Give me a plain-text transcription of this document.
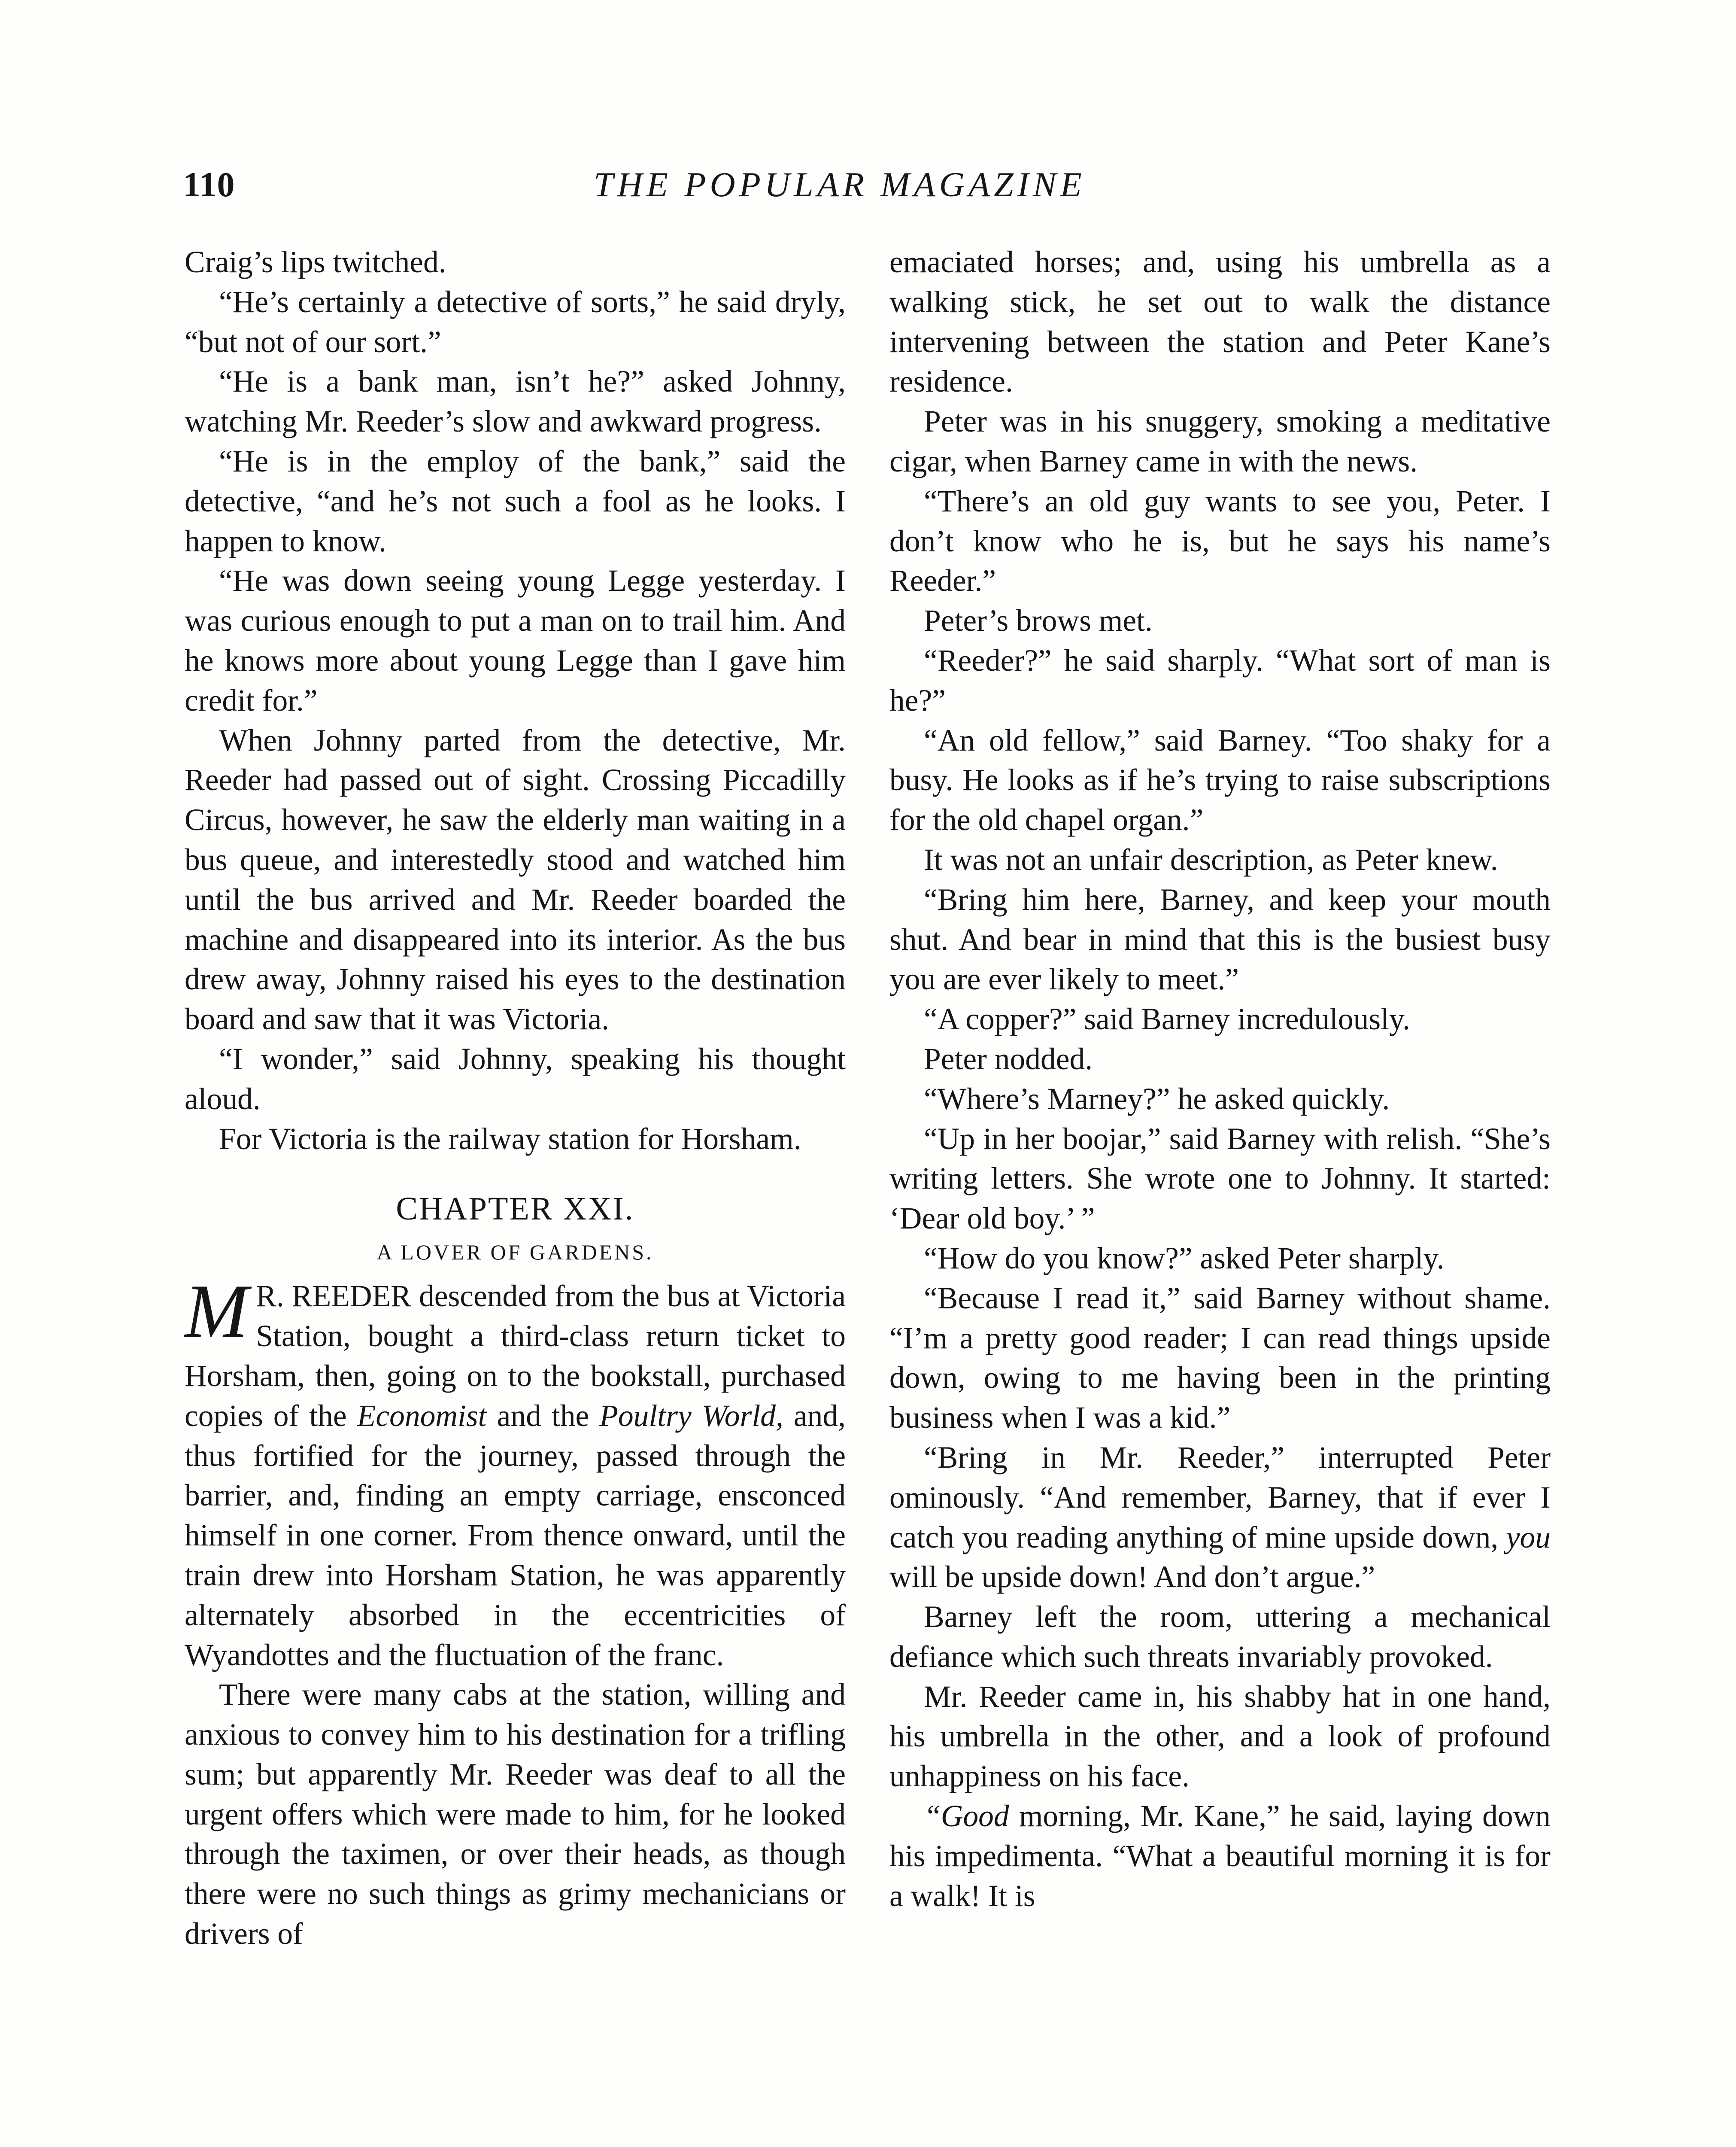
110	THE POPULAR MAGAZINE

Craig’s lips twitched.

“He’s certainly a detective of sorts,” he said dryly, “but not of our sort.”

“He is a bank man, isn’t he?” asked Johnny, watching Mr. Reeder’s slow and awkward progress.

“He is in the employ of the bank,” said the detective, “and he’s not such a fool as he looks. I happen to know.

“He was down seeing young Legge yesterday. I was curious enough to put a man on to trail him. And he knows more about young Legge than I gave him credit for.”

When Johnny parted from the detective, Mr. Reeder had passed out of sight. Crossing Piccadilly Circus, however, he saw the elderly man waiting in a bus queue, and interestedly stood and watched him until the bus arrived and Mr. Reeder boarded the machine and disappeared into its interior. As the bus drew away, Johnny raised his eyes to the destination board and saw that it was Victoria.

“I wonder,” said Johnny, speaking his thought aloud.

For Victoria is the railway station for Horsham.

CHAPTER XXI.
A LOVER OF GARDENS.

M R. REEDER descended from the bus at Victoria Station, bought a third-class return ticket to Horsham, then, going on to the bookstall, purchased copies of the Economist and the Poultry World, and, thus fortified for the journey, passed through the barrier, and, finding an empty carriage, ensconced himself in one corner. From thence onward, until the train drew into Horsham Station, he was apparently alternately absorbed in the eccentricities of Wyandottes and the fluctuation of the franc.

There were many cabs at the station, willing and anxious to convey him to his destination for a trifling sum; but apparently Mr. Reeder was deaf to all the urgent offers which were made to him, for he looked through the taximen, or over their heads, as though there were no such things as grimy mechanicians or drivers of

emaciated horses; and, using his umbrella as a walking stick, he set out to walk the distance intervening between the station and Peter Kane’s residence.

Peter was in his snuggery, smoking a meditative cigar, when Barney came in with the news.

“There’s an old guy wants to see you, Peter. I don’t know who he is, but he says his name’s Reeder.”

Peter’s brows met.

“Reeder?” he said sharply. “What sort of man is he?”

“An old fellow,” said Barney. “Too shaky for a busy. He looks as if he’s trying to raise subscriptions for the old chapel organ.”

It was not an unfair description, as Peter knew.

“Bring him here, Barney, and keep your mouth shut. And bear in mind that this is the busiest busy you are ever likely to meet.”

“A copper?” said Barney incredulously.

Peter nodded.

“Where’s Marney?” he asked quickly.

“Up in her boojar,” said Barney with relish. “She’s writing letters. She wrote one to Johnny. It started: ‘Dear old boy.’ ”

“How do you know?” asked Peter sharply.

“Because I read it,” said Barney without shame. “I’m a pretty good reader; I can read things upside down, owing to me having been in the printing business when I was a kid.”

“Bring in Mr. Reeder,” interrupted Peter ominously. “And remember, Barney, that if ever I catch you reading anything of mine upside down, you will be upside down! And don’t argue.”

Barney left the room, uttering a mechanical defiance which such threats invariably provoked.

Mr. Reeder came in, his shabby hat in one hand, his umbrella in the other, and a look of profound unhappiness on his face.

“Good morning, Mr. Kane,” he said, laying down his impedimenta. “What a beautiful morning it is for a walk! It is
